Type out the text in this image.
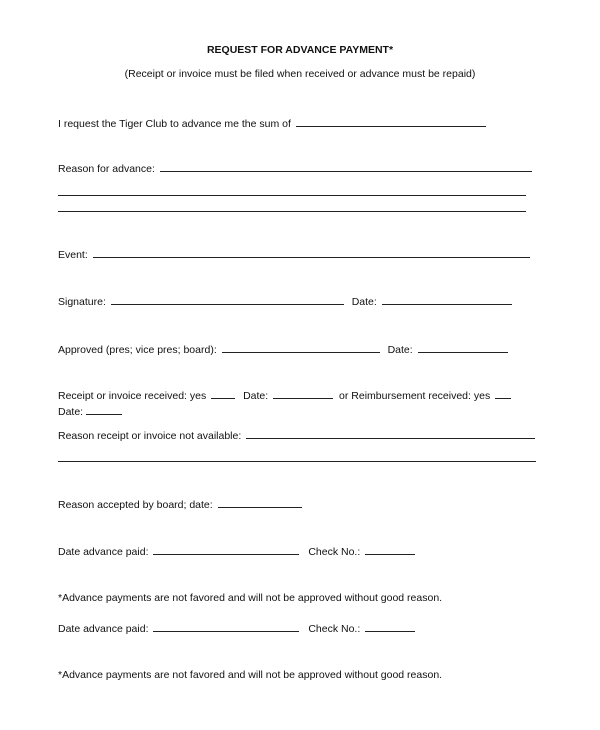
REQUEST FOR ADVANCE PAYMENT*
(Receipt or invoice must be filed when received or advance must be repaid)
I request the Tiger Club to advance me the sum of
Reason for advance:
Event:
Signature:	Date:
Approved (pres; vice pres; board):	Date:
Receipt or invoice received: yes	Date:	or Reimbursement received: yes
Date:
Reason receipt or invoice not available:
Reason accepted by board; date:
Date advance paid:	Check No.:
*Advance payments are not favored and will not be approved without good reason.
Date advance paid:	Check No.:
*Advance payments are not favored and will not be approved without good reason.
